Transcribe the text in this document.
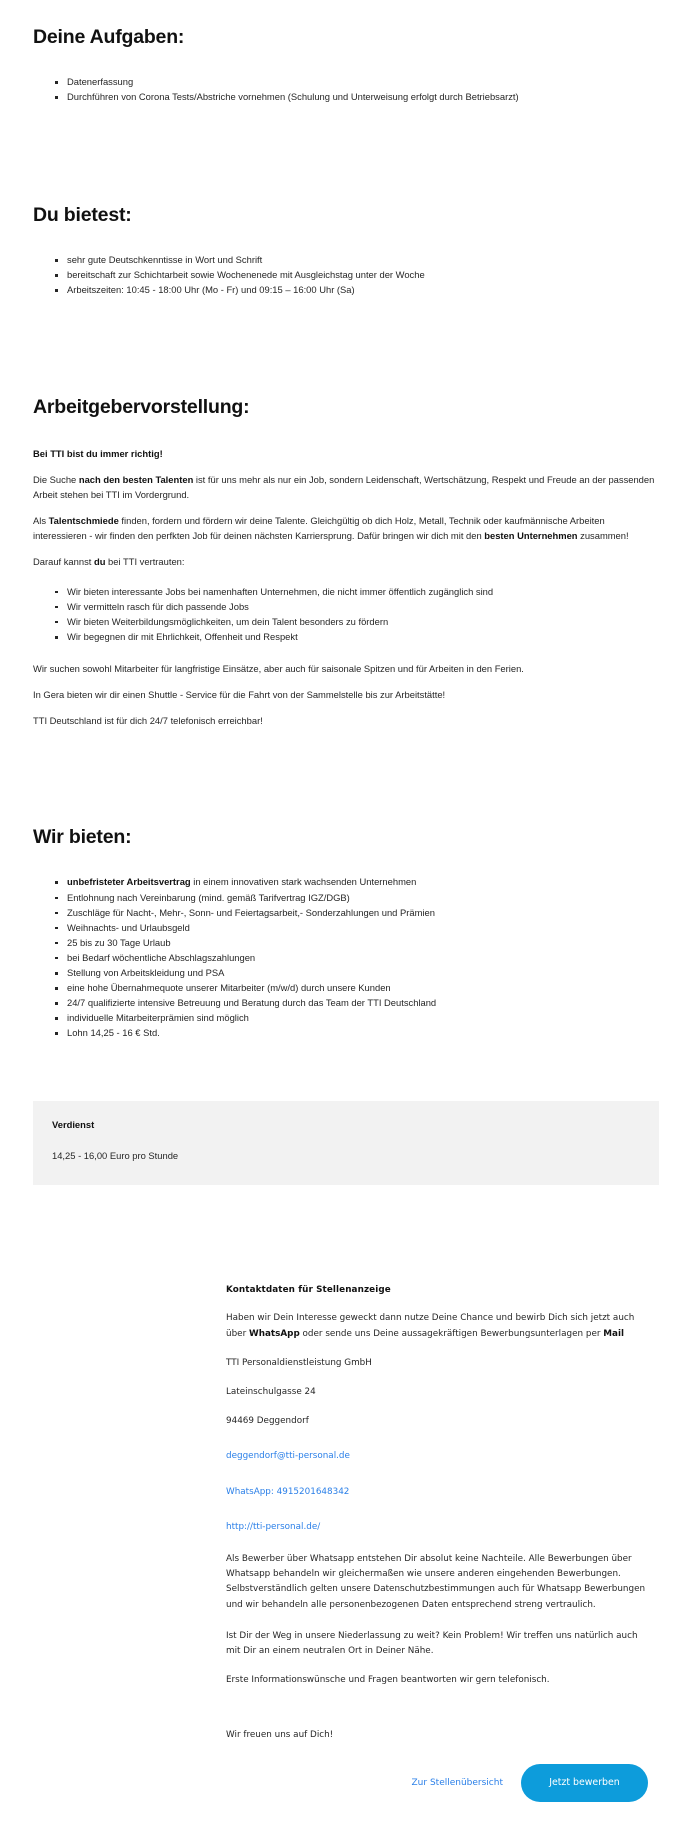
Deine Aufgaben:
Datenerfassung
Durchführen von Corona Tests/Abstriche vornehmen (Schulung und Unterweisung erfolgt durch Betriebsarzt)
Du bietest:
sehr gute Deutschkenntisse in Wort und Schrift
bereitschaft zur Schichtarbeit sowie Wochenenede mit Ausgleichstag unter der Woche
Arbeitszeiten: 10:45 - 18:00 Uhr (Mo - Fr) und 09:15 – 16:00 Uhr (Sa)
Arbeitgebervorstellung:

Bei TTI bist du immer richtig!

Die Suche nach den besten Talenten ist für uns mehr als nur ein Job, sondern Leidenschaft, Wertschätzung, Respekt und Freude an der passenden Arbeit stehen bei TTI im Vordergrund.

Als Talentschmiede finden, fordern und fördern wir deine Talente. Gleichgültig ob dich Holz, Metall, Technik oder kaufmännische Arbeiten interessieren - wir finden den perfkten Job für deinen nächsten Karriersprung. Dafür bringen wir dich mit den besten Unternehmen zusammen!

Darauf kannst du bei TTI vertrauten:

Wir bieten interessante Jobs bei namenhaften Unternehmen, die nicht immer öffentlich zugänglich sind
Wir vermitteln rasch für dich passende Jobs
Wir bieten Weiterbildungsmöglichkeiten, um dein Talent besonders zu fördern
Wir begegnen dir mit Ehrlichkeit, Offenheit und Respekt

Wir suchen sowohl Mitarbeiter für langfristige Einsätze, aber auch für saisonale Spitzen und für Arbeiten in den Ferien.

In Gera bieten wir dir einen Shuttle - Service für die Fahrt von der Sammelstelle bis zur Arbeitstätte!

TTI Deutschland ist für dich 24/7 telefonisch erreichbar!

Wir bieten:
unbefristeter Arbeitsvertrag in einem innovativen stark wachsenden Unternehmen
Entlohnung nach Vereinbarung (mind. gemäß Tarifvertrag IGZ/DGB)
Zuschläge für Nacht-, Mehr-, Sonn- und Feiertagsarbeit,- Sonderzahlungen und Prämien
Weihnachts- und Urlaubsgeld
25 bis zu 30 Tage Urlaub
bei Bedarf wöchentliche Abschlagszahlungen
Stellung von Arbeitskleidung und PSA
eine hohe Übernahmequote unserer Mitarbeiter (m/w/d) durch unsere Kunden
24/7 qualifizierte intensive Betreuung und Beratung durch das Team der TTI Deutschland
individuelle Mitarbeiterprämien sind möglich
Lohn 14,25 - 16 € Std.
Verdienst
14,25 - 16,00 Euro pro Stunde
Kontaktdaten für Stellenanzeige

Haben wir Dein Interesse geweckt dann nutze Deine Chance und bewirb Dich sich jetzt auch über WhatsApp oder sende uns Deine aussagekräftigen Bewerbungsunterlagen per Mail

TTI Personaldienstleistung GmbH

Lateinschulgasse 24

94469 Deggendorf

deggendorf@tti-personal.de
WhatsApp: 4915201648342
http://tti-personal.de/

Als Bewerber über Whatsapp entstehen Dir absolut keine Nachteile. Alle Bewerbungen über Whatsapp behandeln wir gleichermaßen wie unsere anderen eingehenden Bewerbungen. Selbstverständlich gelten unsere Datenschutzbestimmungen auch für Whatsapp Bewerbungen und wir behandeln alle personenbezogenen Daten entsprechend streng vertraulich.

Ist Dir der Weg in unsere Niederlassung zu weit? Kein Problem! Wir treffen uns natürlich auch mit Dir an einem neutralen Ort in Deiner Nähe.

Erste Informationswünsche und Fragen beantworten wir gern telefonisch.

Wir freuen uns auf Dich!

Zur Stellenübersicht	Jetzt bewerben
